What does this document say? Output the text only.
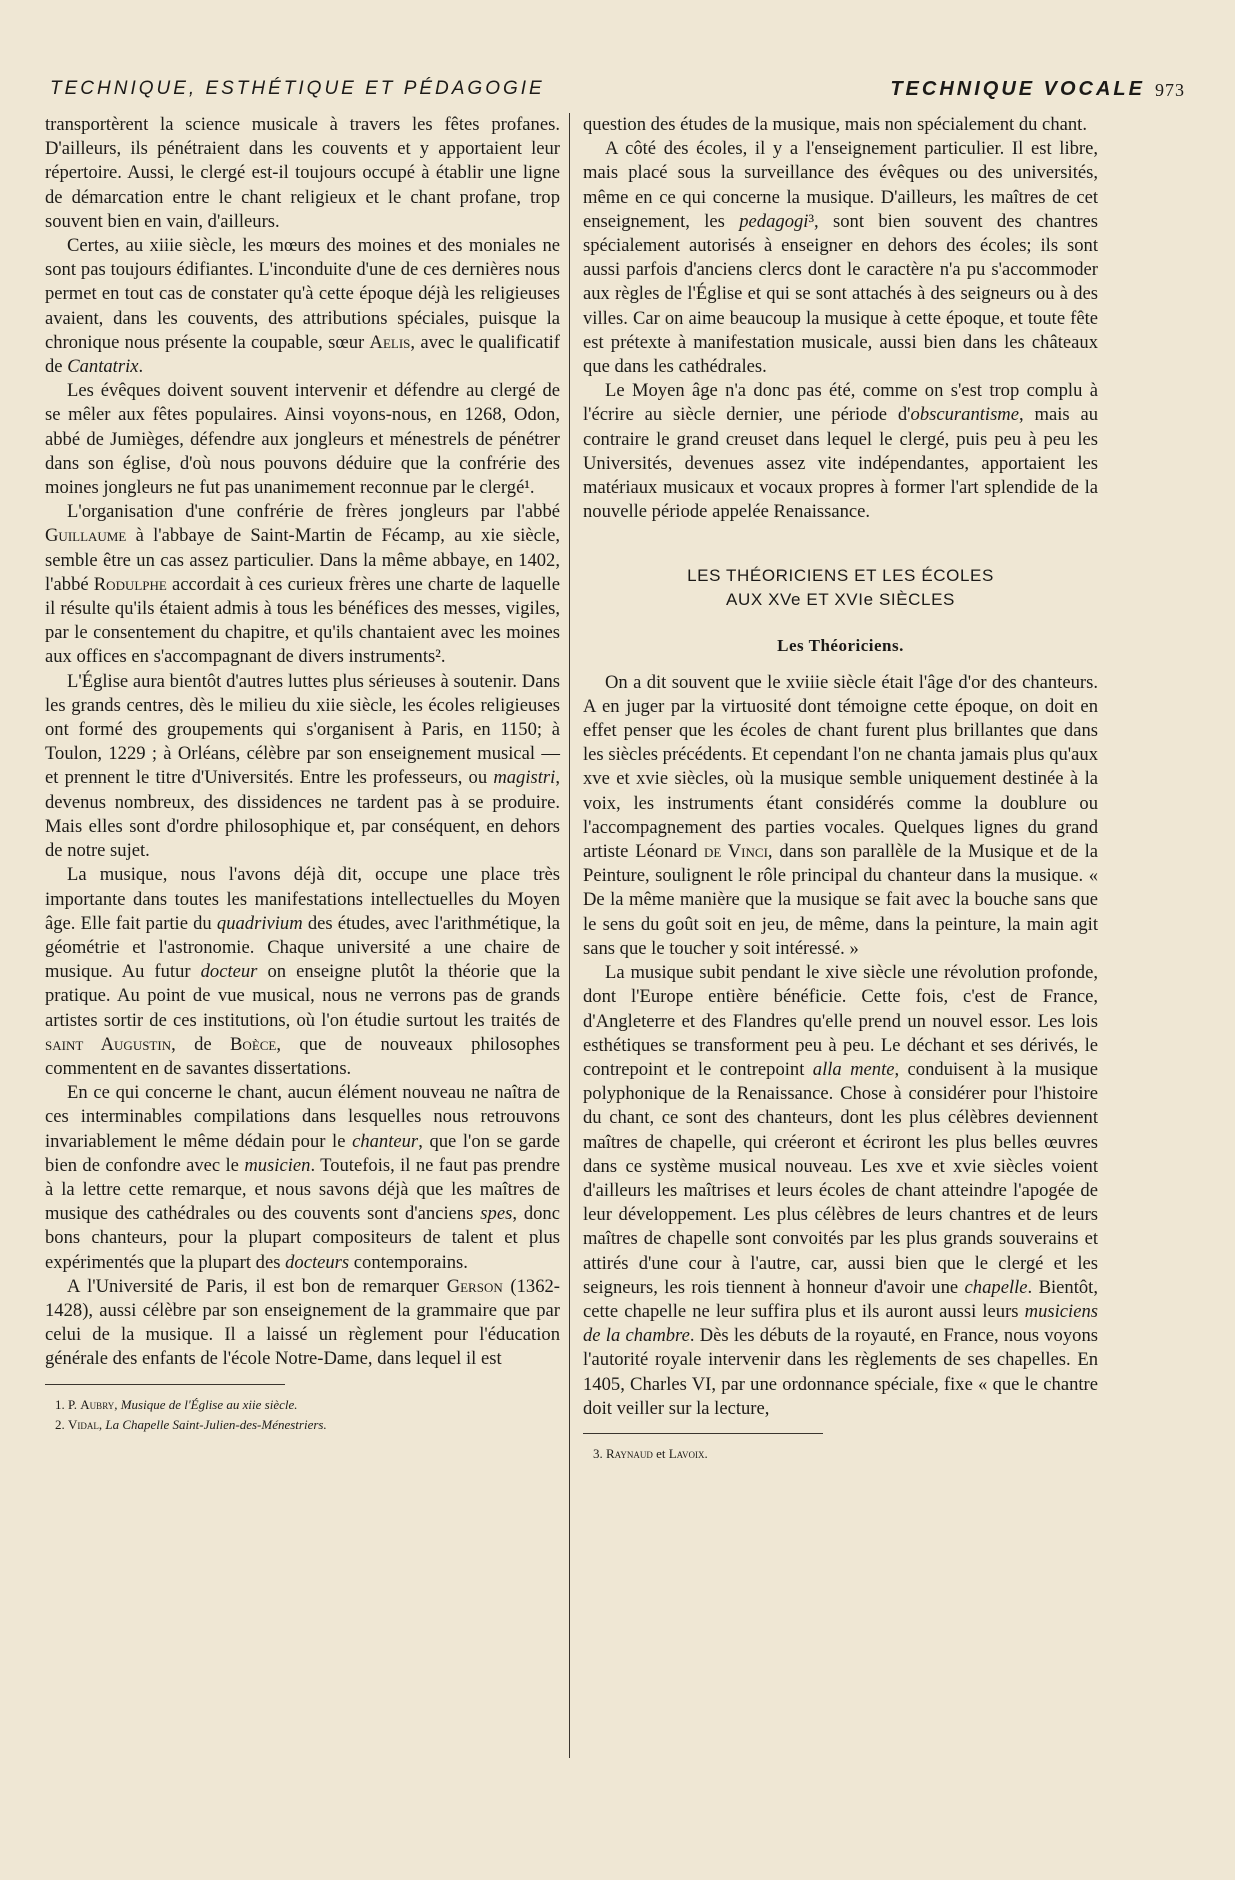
TECHNIQUE, ESTHÉTIQUE ET PÉDAGOGIE	TECHNIQUE VOCALE 973

transportèrent la science musicale à travers les fêtes profanes. D'ailleurs, ils pénétraient dans les couvents et y apportaient leur répertoire. Aussi, le clergé est-il toujours occupé à établir une ligne de démarcation entre le chant religieux et le chant profane, trop souvent bien en vain, d'ailleurs.

Certes, au xiiie siècle, les mœurs des moines et des moniales ne sont pas toujours édifiantes. L'inconduite d'une de ces dernières nous permet en tout cas de constater qu'à cette époque déjà les religieuses avaient, dans les couvents, des attributions spéciales, puisque la chronique nous présente la coupable, sœur Aelis, avec le qualificatif de Cantatrix.

Les évêques doivent souvent intervenir et défendre au clergé de se mêler aux fêtes populaires. Ainsi voyons-nous, en 1268, Odon, abbé de Jumièges, défendre aux jongleurs et ménestrels de pénétrer dans son église, d'où nous pouvons déduire que la confrérie des moines jongleurs ne fut pas unanimement reconnue par le clergé¹.

L'organisation d'une confrérie de frères jongleurs par l'abbé Guillaume à l'abbaye de Saint-Martin de Fécamp, au xie siècle, semble être un cas assez particulier. Dans la même abbaye, en 1402, l'abbé Rodulphe accordait à ces curieux frères une charte de laquelle il résulte qu'ils étaient admis à tous les bénéfices des messes, vigiles, par le consentement du chapitre, et qu'ils chantaient avec les moines aux offices en s'accompagnant de divers instruments².

L'Église aura bientôt d'autres luttes plus sérieuses à soutenir. Dans les grands centres, dès le milieu du xiie siècle, les écoles religieuses ont formé des groupements qui s'organisent à Paris, en 1150; à Toulon, 1229 ; à Orléans, célèbre par son enseignement musical — et prennent le titre d'Universités. Entre les professeurs, ou magistri, devenus nombreux, des dissidences ne tardent pas à se produire. Mais elles sont d'ordre philosophique et, par conséquent, en dehors de notre sujet.

La musique, nous l'avons déjà dit, occupe une place très importante dans toutes les manifestations intellectuelles du Moyen âge. Elle fait partie du quadrivium des études, avec l'arithmétique, la géométrie et l'astronomie. Chaque université a une chaire de musique. Au futur docteur on enseigne plutôt la théorie que la pratique. Au point de vue musical, nous ne verrons pas de grands artistes sortir de ces institutions, où l'on étudie surtout les traités de saint Augustin, de Boèce, que de nouveaux philosophes commentent en de savantes dissertations.

En ce qui concerne le chant, aucun élément nouveau ne naîtra de ces interminables compilations dans lesquelles nous retrouvons invariablement le même dédain pour le chanteur, que l'on se garde bien de confondre avec le musicien. Toutefois, il ne faut pas prendre à la lettre cette remarque, et nous savons déjà que les maîtres de musique des cathédrales ou des couvents sont d'anciens spes, donc bons chanteurs, pour la plupart compositeurs de talent et plus expérimentés que la plupart des docteurs contemporains.

A l'Université de Paris, il est bon de remarquer Gerson (1362-1428), aussi célèbre par son enseignement de la grammaire que par celui de la musique. Il a laissé un règlement pour l'éducation générale des enfants de l'école Notre-Dame, dans lequel il est

1. P. Aubry, Musique de l'Église au xiie siècle.

2. Vidal, La Chapelle Saint-Julien-des-Ménestriers.

question des études de la musique, mais non spécialement du chant.

A côté des écoles, il y a l'enseignement particulier. Il est libre, mais placé sous la surveillance des évêques ou des universités, même en ce qui concerne la musique. D'ailleurs, les maîtres de cet enseignement, les pedagogi³, sont bien souvent des chantres spécialement autorisés à enseigner en dehors des écoles; ils sont aussi parfois d'anciens clercs dont le caractère n'a pu s'accommoder aux règles de l'Église et qui se sont attachés à des seigneurs ou à des villes. Car on aime beaucoup la musique à cette époque, et toute fête est prétexte à manifestation musicale, aussi bien dans les châteaux que dans les cathédrales.

Le Moyen âge n'a donc pas été, comme on s'est trop complu à l'écrire au siècle dernier, une période d'obscurantisme, mais au contraire le grand creuset dans lequel le clergé, puis peu à peu les Universités, devenues assez vite indépendantes, apportaient les matériaux musicaux et vocaux propres à former l'art splendide de la nouvelle période appelée Renaissance.

LES THÉORICIENS ET LES ÉCOLES
AUX XVe ET XVIe SIÈCLES
Les Théoriciens.

On a dit souvent que le xviiie siècle était l'âge d'or des chanteurs. A en juger par la virtuosité dont témoigne cette époque, on doit en effet penser que les écoles de chant furent plus brillantes que dans les siècles précédents. Et cependant l'on ne chanta jamais plus qu'aux xve et xvie siècles, où la musique semble uniquement destinée à la voix, les instruments étant considérés comme la doublure ou l'accompagnement des parties vocales. Quelques lignes du grand artiste Léonard de Vinci, dans son parallèle de la Musique et de la Peinture, soulignent le rôle principal du chanteur dans la musique. « De la même manière que la musique se fait avec la bouche sans que le sens du goût soit en jeu, de même, dans la peinture, la main agit sans que le toucher y soit intéressé. »

La musique subit pendant le xive siècle une révolution profonde, dont l'Europe entière bénéficie. Cette fois, c'est de France, d'Angleterre et des Flandres qu'elle prend un nouvel essor. Les lois esthétiques se transforment peu à peu. Le déchant et ses dérivés, le contrepoint et le contrepoint alla mente, conduisent à la musique polyphonique de la Renaissance. Chose à considérer pour l'histoire du chant, ce sont des chanteurs, dont les plus célèbres deviennent maîtres de chapelle, qui créeront et écriront les plus belles œuvres dans ce système musical nouveau. Les xve et xvie siècles voient d'ailleurs les maîtrises et leurs écoles de chant atteindre l'apogée de leur développement. Les plus célèbres de leurs chantres et de leurs maîtres de chapelle sont convoités par les plus grands souverains et attirés d'une cour à l'autre, car, aussi bien que le clergé et les seigneurs, les rois tiennent à honneur d'avoir une chapelle. Bientôt, cette chapelle ne leur suffira plus et ils auront aussi leurs musiciens de la chambre. Dès les débuts de la royauté, en France, nous voyons l'autorité royale intervenir dans les règlements de ses chapelles. En 1405, Charles VI, par une ordonnance spéciale, fixe « que le chantre doit veiller sur la lecture,

3. Raynaud et Lavoix.
